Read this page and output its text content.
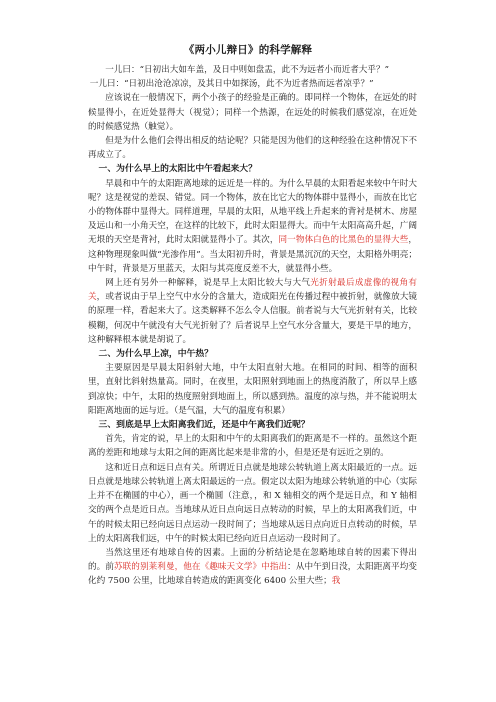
《两小儿辩日》的科学解释

一儿曰：“日初出大如车盖，及日中则如盘盂，此不为远者小而近者大乎？”

一儿曰：“日初出沧沧凉凉，及其日中如探汤，此不为近者热而远者凉乎？”

应该说在一般情况下，两个小孩子的经验是正确的。即同样一个物体，在远处的时候显得小，在近处显得大（视觉）；同样一个热源，在远处的时候我们感觉凉，在近处的时候感觉热（触觉）。

但是为什么他们会得出相反的结论呢？只能是因为他们的这种经验在这种情况下不再成立了。

一、为什么早上的太阳比中午看起来大？

早晨和中午的太阳距离地球的远近是一样的。为什么早晨的太阳看起来较中午时大呢？这是视觉的差误、错觉。同一个物体，放在比它大的物体群中显得小，而放在比它小的物体群中显得大。同样道理，早晨的太阳，从地平线上升起来的背衬是树木、房屋及远山和一小角天空，在这样的比较下，此时太阳显得大。而中午太阳高高升起，广阔无垠的天空是背衬，此时太阳就显得小了。其次，同一物体白色的比黑色的显得大些，这种物理现象叫做“光渗作用”。当太阳初升时，背景是黑沉沉的天空，太阳格外明亮；中午时，背景是万里蓝天，太阳与其亮度反差不大，就显得小些。

网上还有另外一种解释，说是早上太阳比较大与大气光折射最后成虚像的视角有关，或者说由于早上空气中水分的含量大，造成阳光在传播过程中被折射，就像放大镜的原理一样，看起来大了。这类解释不怎么令人信服。前者说与大气光折射有关，比较模糊，何况中午就没有大气光折射了？后者说早上空气水分含量大，要是干旱的地方，这种解释根本就是胡说了。

二、为什么早上凉，中午热？

主要原因是早晨太阳斜射大地，中午太阳直射大地。在相同的时间、相等的面积里，直射比斜射热量高。同时，在夜里，太阳照射到地面上的热度消散了，所以早上感到凉快；中午，太阳的热度照射到地面上，所以感到热。温度的凉与热，并不能说明太阳距离地面的远与近。（是气温，大气的温度有积累）

三、到底是早上太阳离我们近，还是中午离我们近呢？

首先，肯定的说，早上的太阳和中午的太阳离我们的距离是不一样的。虽然这个距离的差距和地球与太阳之间的距离比起来是非常的小，但是还是有远近之别的。

这和近日点和远日点有关。所谓近日点就是地球公转轨道上离太阳最近的一点。远日点就是地球公转轨道上离太阳最远的一点。假定以太阳为地球公转轨道的中心（实际上并不在椭圆的中心），画一个椭圆（注意，，和 X 轴相交的两个是远日点，和 Y 轴相交的两个点是近日点。当地球从近日点向远日点转动的时候，早上的太阳离我们近，中午的时候太阳已经向远日点运动一段时间了；当地球从远日点向近日点转动的时候，早上的太阳离我们远，中午的时候太阳已经向近日点运动一段时间了。

当然这里还有地球自传的因素。上面的分析结论是在忽略地球自转的因素下得出的。前苏联的别莱利曼，他在《趣味天文学》中指出：从中午到日没，太阳距离平均变化约 7500 公里，比地球自转造成的距离变化 6400 公里大些；我
